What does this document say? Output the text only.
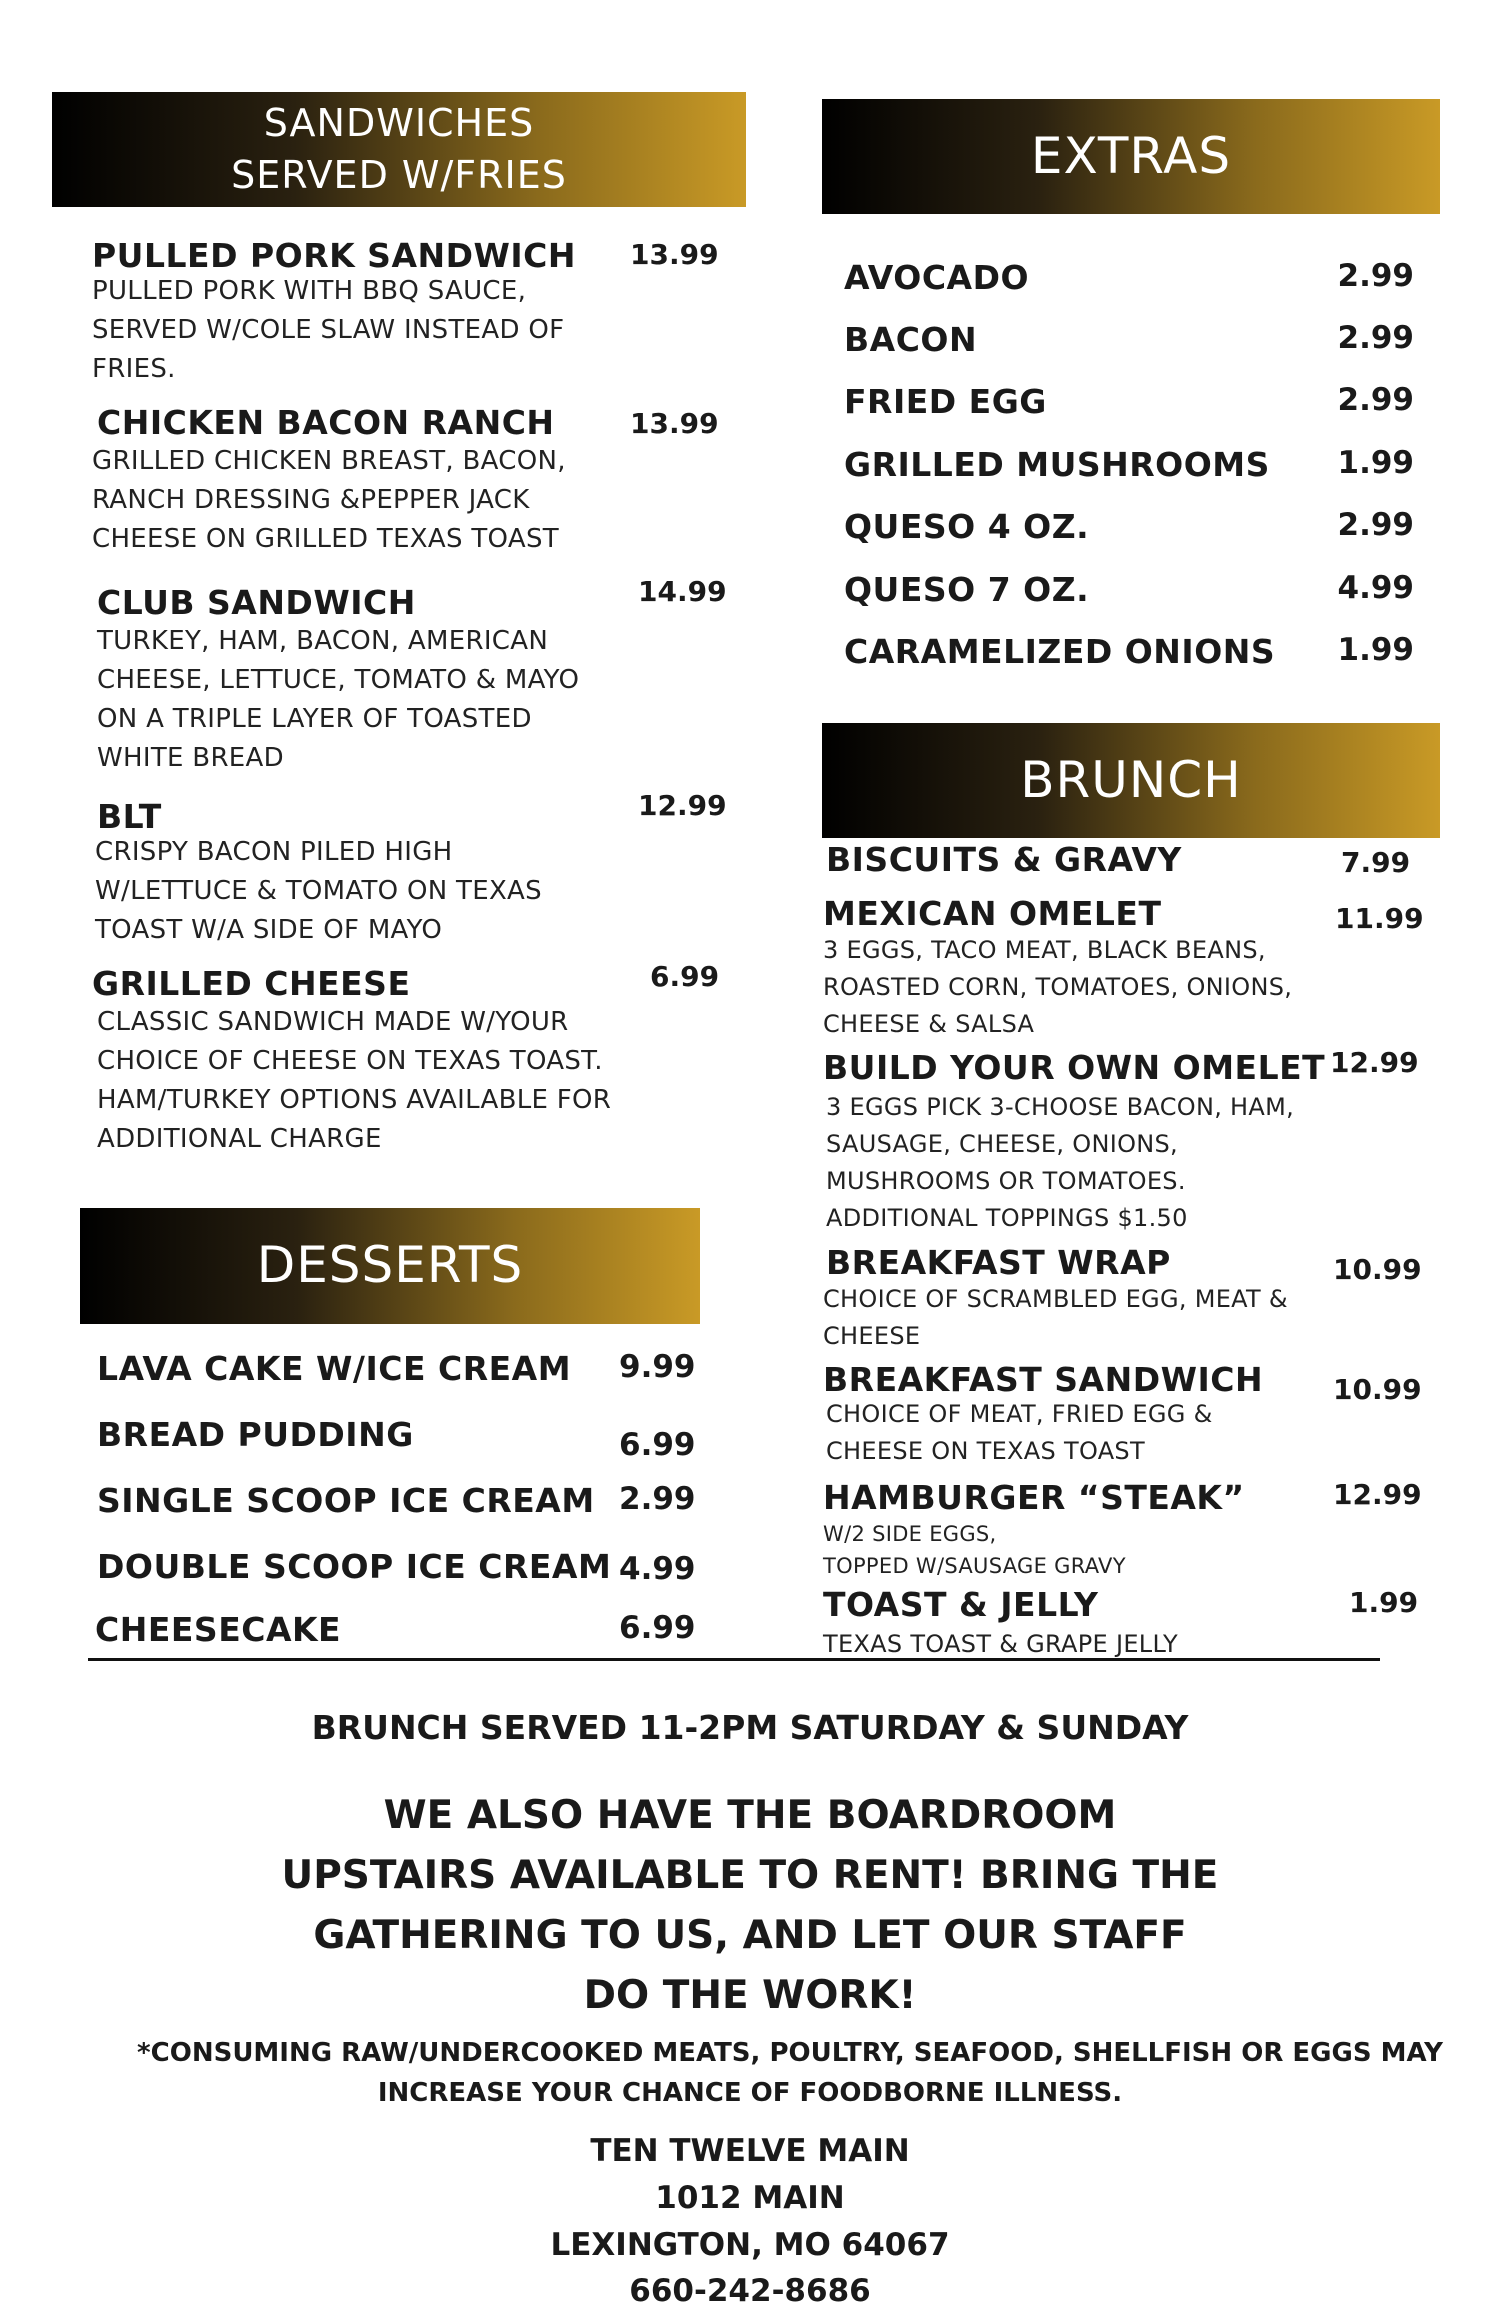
SANDWICHES
SERVED W/FRIES
PULLED PORK SANDWICH 13.99
PULLED PORK WITH BBQ SAUCE,
SERVED W/COLE SLAW INSTEAD OF
FRIES.
CHICKEN BACON RANCH	13.99
GRILLED CHICKEN BREAST, BACON,
RANCH DRESSING &PEPPER JACK
CHEESE ON GRILLED TEXAS TOAST
CLUB SANDWICH	14.99
TURKEY, HAM, BACON, AMERICAN
CHEESE, LETTUCE, TOMATO & MAYO
ON A TRIPLE LAYER OF TOASTED
WHITE BREAD
BLT	12.99
CRISPY BACON PILED HIGH
W/LETTUCE & TOMATO ON TEXAS
TOAST W/A SIDE OF MAYO
GRILLED CHEESE	6.99
CLASSIC SANDWICH MADE W/YOUR
CHOICE OF CHEESE ON TEXAS TOAST.
HAM/TURKEY OPTIONS AVAILABLE FOR
ADDITIONAL CHARGE
DESSERTS
LAVA CAKE W/ICE CREAM 9.99
BREAD PUDDING	6.99
SINGLE SCOOP ICE CREAM 2.99
DOUBLE SCOOP ICE CREAM 4.99
CHEESECAKE	6.99
EXTRAS
AVOCADO	2.99
BACON	2.99
FRIED EGG	2.99
GRILLED MUSHROOMS 1.99
QUESO 4 OZ.	2.99
QUESO 7 OZ.	4.99
CARAMELIZED ONIONS 1.99
BRUNCH
BISCUITS & GRAVY	7.99
MEXICAN OMELET	11.99
3 EGGS, TACO MEAT, BLACK BEANS,
ROASTED CORN, TOMATOES, ONIONS,
CHEESE & SALSA
BUILD YOUR OWN OMELET 12.99
3 EGGS PICK 3-CHOOSE BACON, HAM,
SAUSAGE, CHEESE, ONIONS,
MUSHROOMS OR TOMATOES.
ADDITIONAL TOPPINGS $1.50
BREAKFAST WRAP	10.99
CHOICE OF SCRAMBLED EGG, MEAT &
CHEESE
BREAKFAST SANDWICH 10.99
CHOICE OF MEAT, FRIED EGG &
CHEESE ON TEXAS TOAST
HAMBURGER “STEAK”	12.99
W/2 SIDE EGGS,
TOPPED W/SAUSAGE GRAVY
TOAST & JELLY	1.99
TEXAS TOAST & GRAPE JELLY
BRUNCH SERVED 11-2PM SATURDAY & SUNDAY
WE ALSO HAVE THE BOARDROOM
UPSTAIRS AVAILABLE TO RENT! BRING THE
GATHERING TO US, AND LET OUR STAFF
DO THE WORK!
*CONSUMING RAW/UNDERCOOKED MEATS, POULTRY, SEAFOOD, SHELLFISH OR EGGS MAY
INCREASE YOUR CHANCE OF FOODBORNE ILLNESS.
TEN TWELVE MAIN
1012 MAIN
LEXINGTON, MO 64067
660-242-8686
